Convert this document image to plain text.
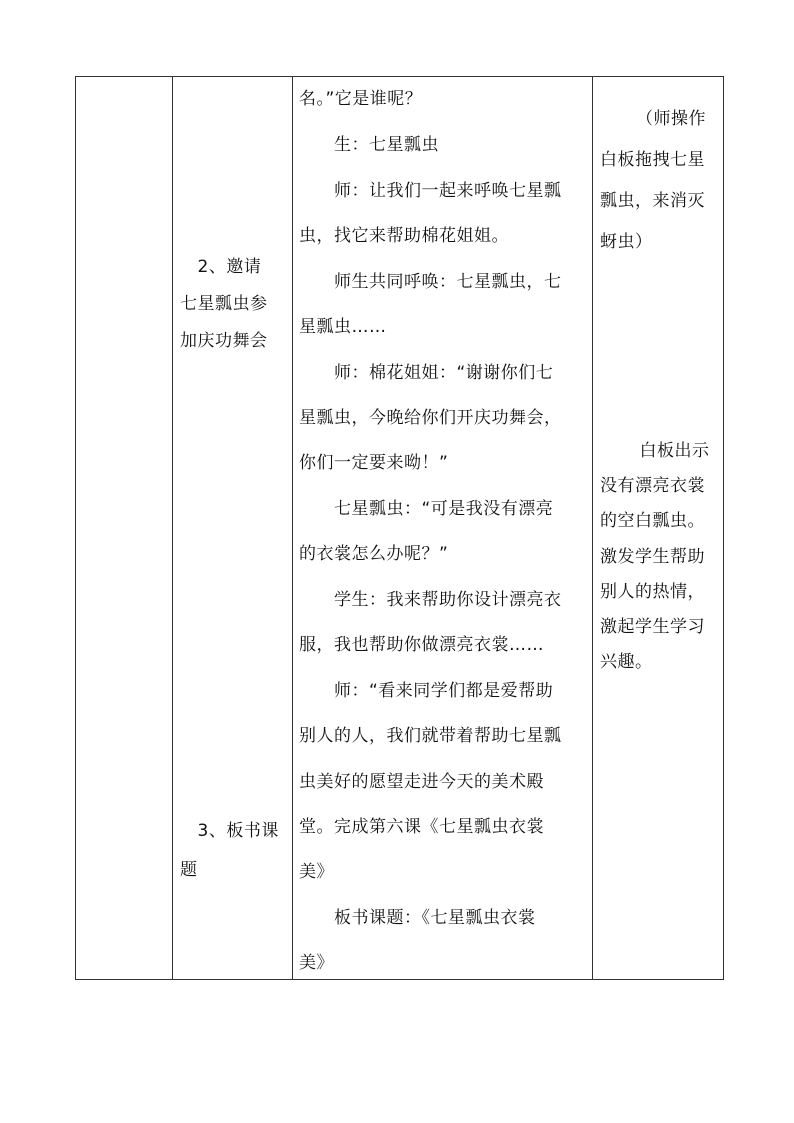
　2、邀请
七星瓢虫参
加庆功舞会
　3、板书课
题
名。”它是谁呢？
　　生：七星瓢虫
　　师：让我们一起来呼唤七星瓢
虫，找它来帮助棉花姐姐。
　　师生共同呼唤：七星瓢虫，七
星瓢虫……
　　师：棉花姐姐：“谢谢你们七
星瓢虫，今晚给你们开庆功舞会，
你们一定要来呦！”
　　七星瓢虫：“可是我没有漂亮
的衣裳怎么办呢？”
　　学生：我来帮助你设计漂亮衣
服，我也帮助你做漂亮衣裳……
　　师：“看来同学们都是爱帮助
别人的人，我们就带着帮助七星瓢
虫美好的愿望走进今天的美术殿
堂。完成第六课《七星瓢虫衣裳
美》
　　板书课题：《七星瓢虫衣裳
美》
（师操作
白板拖拽七星
瓢虫，来消灭
蚜虫）
　白板出示
没有漂亮衣裳
的空白瓢虫。
激发学生帮助
别人的热情，
激起学生学习
兴趣。
